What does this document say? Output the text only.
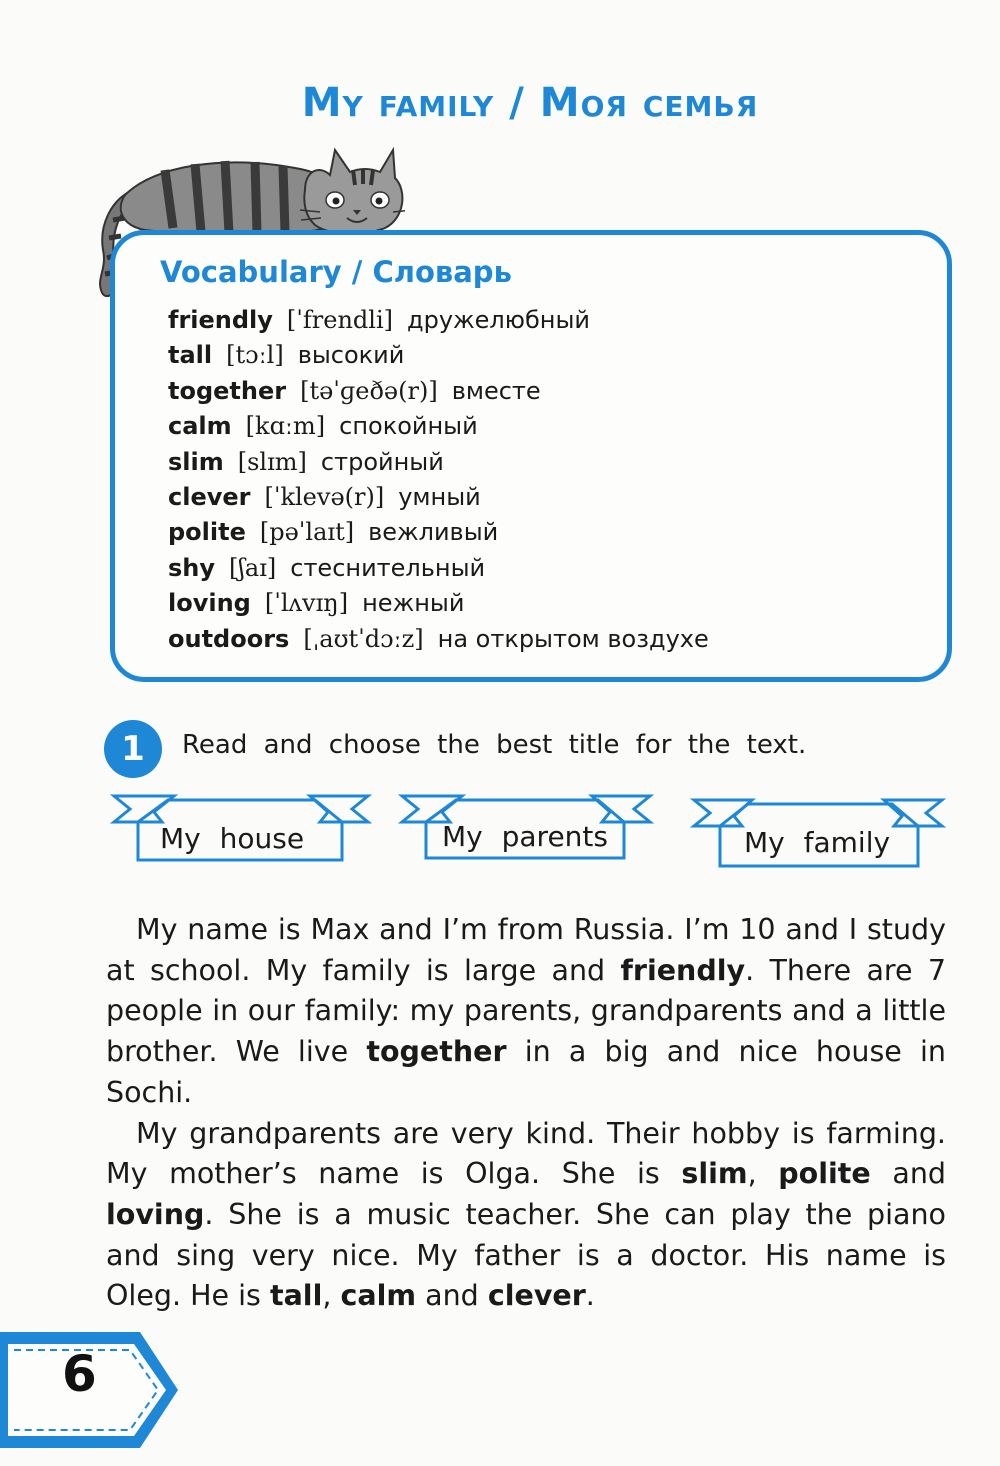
My family / Моя семья
Vocabulary / Словарь
friendly [ˈfrendli] дружелюбный
tall [tɔːl] высокий
together [təˈɡeðə(r)] вместе
calm [kɑːm] спокойный
slim [slɪm] стройный
clever [ˈklevə(r)] умный
polite [pəˈlaɪt] вежливый
shy [ʃaɪ] стеснительный
loving [ˈlʌvɪŋ] нежный
outdoors [ˌaʊtˈdɔːz] на открытом воздухе
1	Read and choose the best title for the text.

My house	My parents	My family

My name is Max and I’m from Russia. I’m 10 and I study at school. My family is large and friendly. There are 7 people in our family: my parents, grandparents and a little brother. We live together in a big and nice house in Sochi.

My grandparents are very kind. Their hobby is farming. My mother’s name is Olga. She is slim, polite and loving. She is a music teacher. She can play the piano and sing very nice. My father is a doctor. His name is Oleg. He is tall, calm and clever.

6
